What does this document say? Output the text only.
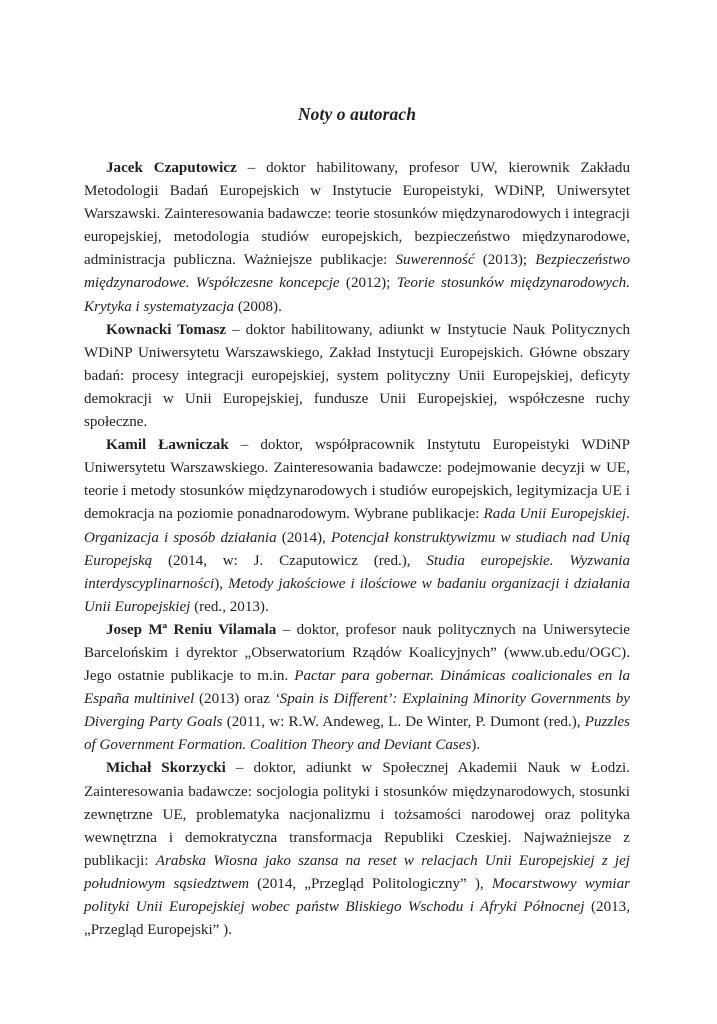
Noty o autorach

Jacek Czaputowicz – doktor habilitowany, profesor UW, kierownik Zakładu Metodologii Badań Europejskich w Instytucie Europeistyki, WDiNP, Uniwersytet Warszawski. Zainteresowania badawcze: teorie stosunków międzynarodowych i integracji europejskiej, metodologia studiów europejskich, bezpieczeństwo międzynarodowe, administracja publiczna. Ważniejsze publikacje: Suwerenność (2013); Bezpieczeństwo międzynarodowe. Współczesne koncepcje (2012); Teorie stosunków międzynarodowych. Krytyka i systematyzacja (2008).

Kownacki Tomasz – doktor habilitowany, adiunkt w Instytucie Nauk Politycznych WDiNP Uniwersytetu Warszawskiego, Zakład Instytucji Europejskich. Główne obszary badań: procesy integracji europejskiej, system polityczny Unii Europejskiej, deficyty demokracji w Unii Europejskiej, fundusze Unii Europejskiej, współczesne ruchy społeczne.

Kamil Ławniczak – doktor, współpracownik Instytutu Europeistyki WDiNP Uniwersytetu Warszawskiego. Zainteresowania badawcze: podejmowanie decyzji w UE, teorie i metody stosunków międzynarodowych i studiów europejskich, legitymizacja UE i demokracja na poziomie ponadnarodowym. Wybrane publikacje: Rada Unii Europejskiej. Organizacja i sposób działania (2014), Potencjał konstruktywizmu w studiach nad Unią Europejską (2014, w: J. Czaputowicz (red.), Studia europejskie. Wyzwania interdyscyplinarności), Metody jakościowe i ilościowe w badaniu organizacji i działania Unii Europejskiej (red., 2013).

Josep Mª Reniu Vilamala – doktor, profesor nauk politycznych na Uniwersytecie Barcelońskim i dyrektor „Obserwatorium Rządów Koalicyjnych” (www.ub.edu/OGC). Jego ostatnie publikacje to m.in. Pactar para gobernar. Dinámicas coalicionales en la España multinivel (2013) oraz ‘Spain is Different’: Explaining Minority Governments by Diverging Party Goals (2011, w: R.W. Andeweg, L. De Winter, P. Dumont (red.), Puzzles of Government Formation. Coalition Theory and Deviant Cases).

Michał Skorzycki – doktor, adiunkt w Społecznej Akademii Nauk w Łodzi. Zainteresowania badawcze: socjologia polityki i stosunków międzynarodowych, stosunki zewnętrzne UE, problematyka nacjonalizmu i tożsamości narodowej oraz polityka wewnętrzna i demokratyczna transformacja Republiki Czeskiej. Najważniejsze z publikacji: Arabska Wiosna jako szansa na reset w relacjach Unii Europejskiej z jej południowym sąsiedztwem (2014, „Przegląd Politologiczny” ), Mocarstwowy wymiar polityki Unii Europejskiej wobec państw Bliskiego Wschodu i Afryki Północnej (2013, „Przegląd Europejski” ).
